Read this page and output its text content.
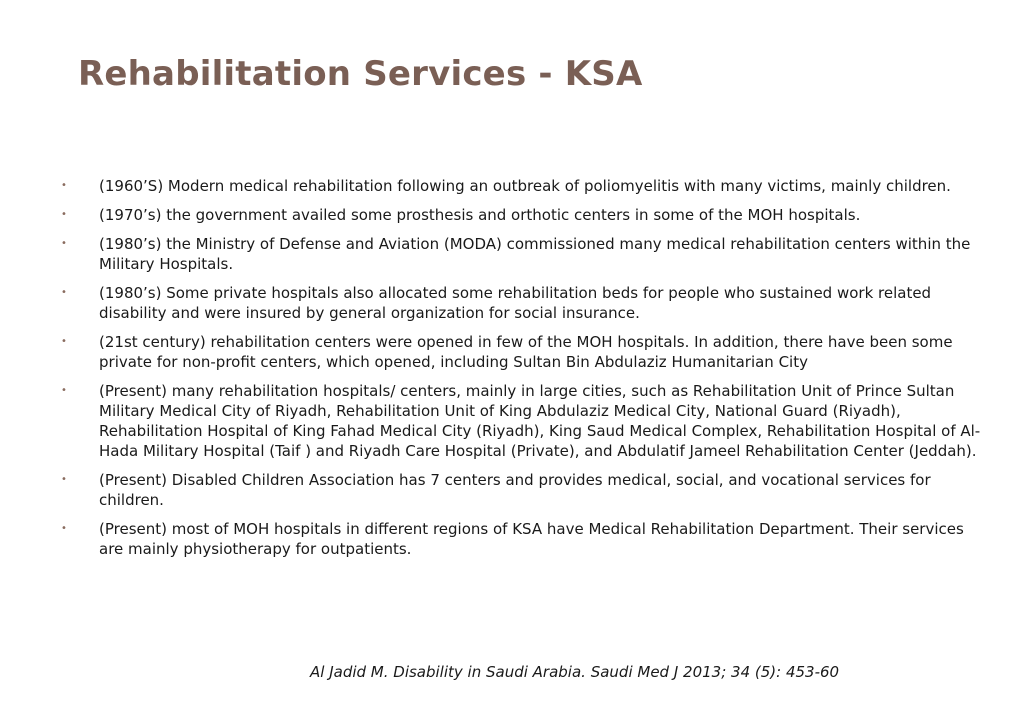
Rehabilitation Services - KSA
• (1960’S) Modern medical rehabilitation following an outbreak of poliomyelitis with many victims, mainly children.
• (1970’s) the government availed some prosthesis and orthotic centers in some of the MOH hospitals.
• (1980’s) the Ministry of Defense and Aviation (MODA) commissioned many medical rehabilitation centers within the Military Hospitals.
• (1980’s) Some private hospitals also allocated some rehabilitation beds for people who sustained work related disability and were insured by general organization for social insurance.
• (21st century) rehabilitation centers were opened in few of the MOH hospitals. In addition, there have been some private for non-profit centers, which opened, including Sultan Bin Abdulaziz Humanitarian City
• (Present) many rehabilitation hospitals/ centers, mainly in large cities, such as Rehabilitation Unit of Prince Sultan Military Medical City of Riyadh, Rehabilitation Unit of King Abdulaziz Medical City, National Guard (Riyadh), Rehabilitation Hospital of King Fahad Medical City (Riyadh), King Saud Medical Complex, Rehabilitation Hospital of Al-Hada Military Hospital (Taif ) and Riyadh Care Hospital (Private), and Abdulatif Jameel Rehabilitation Center (Jeddah).
• (Present) Disabled Children Association has 7 centers and provides medical, social, and vocational services for children.
• (Present) most of MOH hospitals in different regions of KSA have Medical Rehabilitation Department. Their services are mainly physiotherapy for outpatients.

Al Jadid M. Disability in Saudi Arabia. Saudi Med J 2013; 34 (5): 453-60
